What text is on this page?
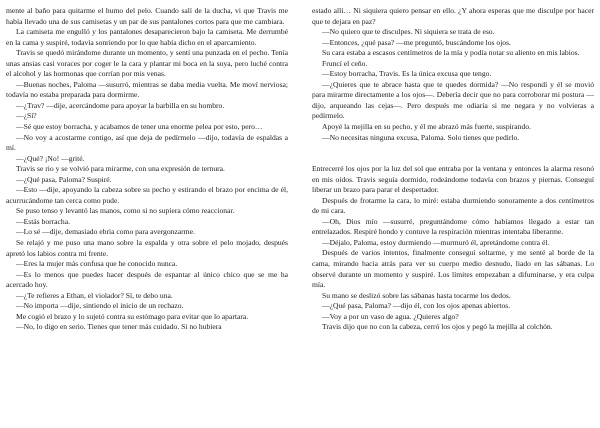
mente al baño para quitarme el humo del pelo. Cuando salí de la ducha, vi que Travis me había llevado una de sus camisetas y un par de sus pantalones cortos para que me cambiara.

La camiseta me engulló y los pantalones desaparecieron bajo la camiseta. Me derrumbé en la cama y suspiré, todavía sonriendo por lo que había dicho en el aparcamiento.

Travis se quedó mirándome durante un momento, y sentí una punzada en el pecho. Tenía unas ansias casi voraces por coger le la cara y plantar mi boca en la suya, pero luché contra el alcohol y las hormonas que corrían por mis venas.

—Buenas noches, Paloma —susurró, mientras se daba media vuelta. Me moví nerviosa; todavía no estaba preparada para dormirme.

—¿Trav? —dije, acercándome para apoyar la barbilla en su hombro.

—¿Sí?

—Sé que estoy borracha, y acabamos de tener una enorme pelea por esto, pero…

—No voy a acostarme contigo, así que deja de pedírmelo —dijo, todavía de espaldas a mí.

—¿Qué? ¡No! —grité.

Travis se rio y se volvió para mirarme, con una expresión de ternura.

—¿Qué pasa, Paloma? Suspiré.

—Esto —dije, apoyando la cabeza sobre su pecho y estirando el brazo por encima de él, acurrucándome tan cerca como pude.

Se puso tenso y levantó las manos, como si no supiera cómo reaccionar.

—Estás borracha.

—Lo sé —dije, demasiado ebria como para avergonzarme.

Se relajó y me puso una mano sobre la espalda y otra sobre el pelo mojado, después apretó los labios contra mi frente.

—Eres la mujer más confusa que he conocido nunca.

—Es lo menos que puedes hacer después de espantar al único chico que se me ha acercado hoy.

—¿Te refieres a Ethan, el violador? Sí, te debo una.

—No importa —dije, sintiendo el inicio de un rechazo.

Me cogió el brazo y lo sujetó contra su estómago para evitar que lo apartara.

—No, lo digo en serio. Tienes que tener más cuidado. Si no hubiera

estado allí… Ni siquiera quiero pensar en ello. ¿Y ahora esperas que me disculpe por hacer que te dejara en paz?

—No quiero que te disculpes. Ni siquiera se trata de eso.

—Entonces, ¿qué pasa? —me preguntó, buscándome los ojos.

Su cara estaba a escasos centímetros de la mía y podía notar su aliento en mis labios.

Fruncí el ceño.

—Estoy borracha, Travis. Es la única excusa que tengo.

—¿Quieres que te abrace hasta que te quedes dormida? —No respondí y él se movió para mirarme directamente a los ojos—. Debería decir que no para corroborar mi postura —dijo, arqueando las cejas—. Pero después me odiaría si me negara y no volvieras a pedírmelo.

Apoyé la mejilla en su pecho, y él me abrazó más fuerte, suspirando.

—No necesitas ninguna excusa, Paloma. Solo tienes que pedirlo.

Entrecerré los ojos por la luz del sol que entraba por la ventana y entonces la alarma resonó en mis oídos. Travis seguía dormido, rodeándome todavía con brazos y piernas. Conseguí liberar un brazo para parar el despertador.

Después de frotarme la cara, lo miré: estaba durmiendo sonoramente a dos centímetros de mi cara.

—Oh, Dios mío —susurré, preguntándome cómo habíamos llegado a estar tan entrelazados. Respiré hondo y contuve la respiración mientras intentaba liberarme.

—Déjalo, Paloma, estoy durmiendo —murmuró él, apretándome contra él.

Después de varios intentos, finalmente conseguí soltarme, y me senté al borde de la cama, mirando hacia atrás para ver su cuerpo medio desnudo, liado en las sábanas. Lo observé durante un momento y suspiré. Los límites empezaban a difuminarse, y era culpa mía.

Su mano se deslizó sobre las sábanas hasta tocarme los dedos.

—¿Qué pasa, Paloma? —dijo él, con los ojos apenas abiertos.

—Voy a por un vaso de agua. ¿Quieres algo?

Travis dijo que no con la cabeza, cerró los ojos y pegó la mejilla al colchón.
